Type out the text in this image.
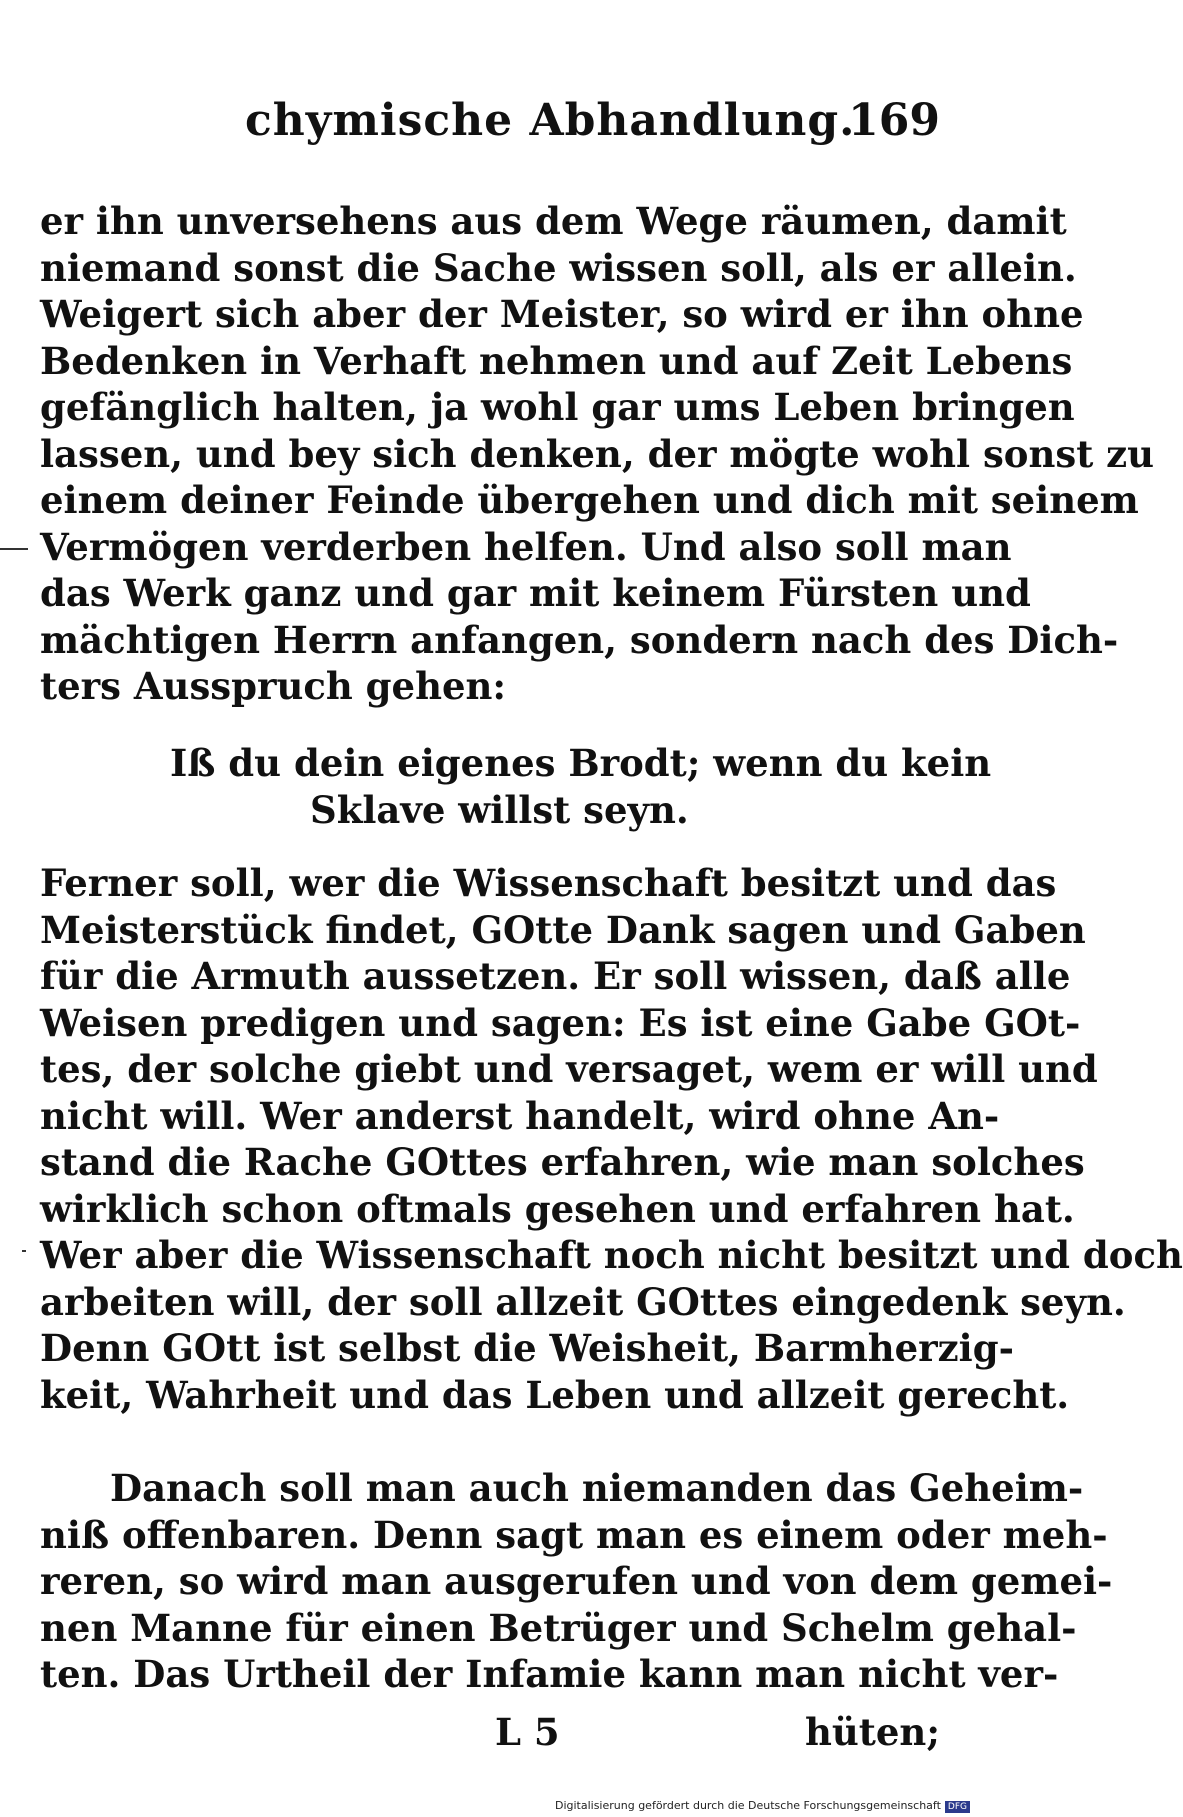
chymische Abhandlung.
169
er ihn unversehens aus dem Wege räumen, damit
niemand sonst die Sache wissen soll, als er allein.
Weigert sich aber der Meister, so wird er ihn ohne
Bedenken in Verhaft nehmen und auf Zeit Lebens
gefänglich halten, ja wohl gar ums Leben bringen
lassen, und bey sich denken, der mögte wohl sonst zu
einem deiner Feinde übergehen und dich mit seinem
Vermögen verderben helfen. Und also soll man
das Werk ganz und gar mit keinem Fürsten und
mächtigen Herrn anfangen, sondern nach des Dich-
ters Ausspruch gehen:
Iß du dein eigenes Brodt; wenn du kein
Sklave willst seyn.
Ferner soll, wer die Wissenschaft besitzt und das
Meisterstück findet, GOtte Dank sagen und Gaben
für die Armuth aussetzen. Er soll wissen, daß alle
Weisen predigen und sagen: Es ist eine Gabe GOt-
tes, der solche giebt und versaget, wem er will und
nicht will. Wer anderst handelt, wird ohne An-
stand die Rache GOttes erfahren, wie man solches
wirklich schon oftmals gesehen und erfahren hat.
Wer aber die Wissenschaft noch nicht besitzt und doch
arbeiten will, der soll allzeit GOttes eingedenk seyn.
Denn GOtt ist selbst die Weisheit, Barmherzig-
keit, Wahrheit und das Leben und allzeit gerecht.
Danach soll man auch niemanden das Geheim-
niß offenbaren. Denn sagt man es einem oder meh-
reren, so wird man ausgerufen und von dem gemei-
nen Manne für einen Betrüger und Schelm gehal-
ten. Das Urtheil der Infamie kann man nicht ver-
L 5	hüten;
Digitalisierung gefördert durch die Deutsche Forschungsgemeinschaft DFG
